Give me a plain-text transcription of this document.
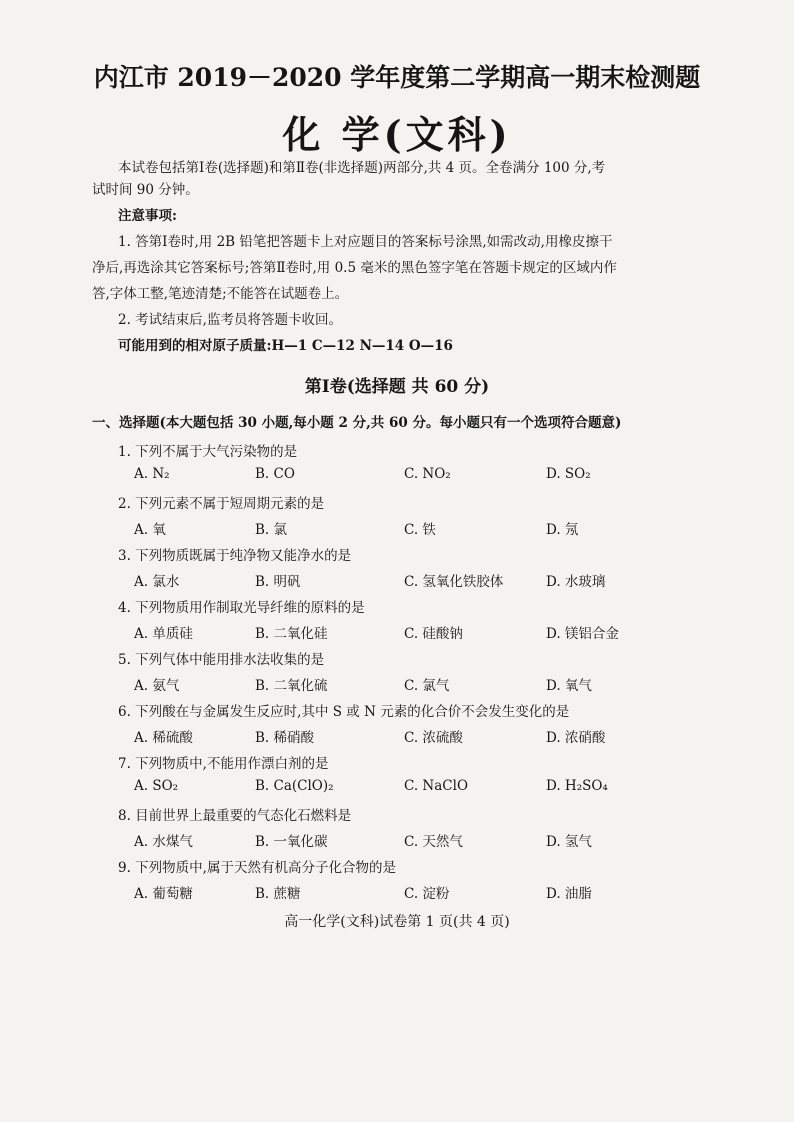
内江市 2019－2020 学年度第二学期高一期末检测题
化 学(文科)
本试卷包括第Ⅰ卷(选择题)和第Ⅱ卷(非选择题)两部分,共 4 页。全卷满分 100 分,考
试时间 90 分钟。
注意事项:
1. 答第Ⅰ卷时,用 2B 铅笔把答题卡上对应题目的答案标号涂黑,如需改动,用橡皮擦干
净后,再选涂其它答案标号;答第Ⅱ卷时,用 0.5 毫米的黑色签字笔在答题卡规定的区域内作
答,字体工整,笔迹清楚;不能答在试题卷上。
2. 考试结束后,监考员将答题卡收回。
可能用到的相对原子质量:H—1 C—12 N—14 O—16
第Ⅰ卷(选择题 共 60 分)
一、选择题(本大题包括 30 小题,每小题 2 分,共 60 分。每小题只有一个选项符合题意)
1. 下列不属于大气污染物的是
A. N₂	B. CO	C. NO₂	D. SO₂
2. 下列元素不属于短周期元素的是
A. 氧	B. 氯	C. 铁	D. 氖
3. 下列物质既属于纯净物又能净水的是
A. 氯水	B. 明矾	C. 氢氧化铁胶体	D. 水玻璃
4. 下列物质用作制取光导纤维的原料的是
A. 单质硅	B. 二氧化硅	C. 硅酸钠	D. 镁铝合金
5. 下列气体中能用排水法收集的是
A. 氨气	B. 二氧化硫	C. 氯气	D. 氧气
6. 下列酸在与金属发生反应时,其中 S 或 N 元素的化合价不会发生变化的是
A. 稀硫酸	B. 稀硝酸	C. 浓硫酸	D. 浓硝酸
7. 下列物质中,不能用作漂白剂的是
A. SO₂	B. Ca(ClO)₂	C. NaClO	D. H₂SO₄
8. 目前世界上最重要的气态化石燃料是
A. 水煤气	B. 一氧化碳	C. 天然气	D. 氢气
9. 下列物质中,属于天然有机高分子化合物的是
A. 葡萄糖	B. 蔗糖	C. 淀粉	D. 油脂
高一化学(文科)试卷第 1 页(共 4 页)
